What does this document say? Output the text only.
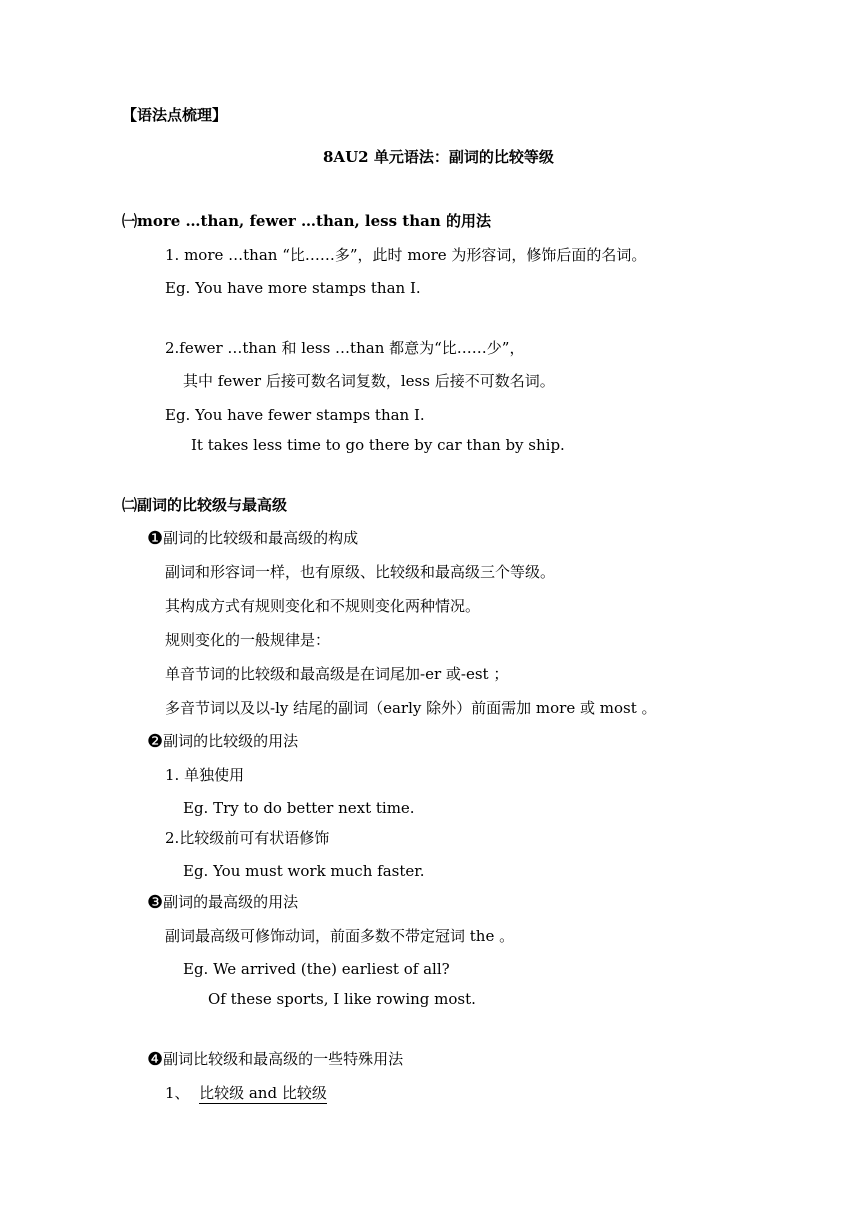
【语法点梳理】
8AU2 单元语法：副词的比较等级
㈠more …than, fewer …than, less than 的用法
1. more …than “比……多”，此时 more 为形容词，修饰后面的名词。
Eg. You have more stamps than I.
2.fewer …than 和 less …than 都意为“比……少”，
其中 fewer 后接可数名词复数，less 后接不可数名词。
Eg. You have fewer stamps than I.
It takes less time to go there by car than by ship.
㈡副词的比较级与最高级
❶副词的比较级和最高级的构成
副词和形容词一样，也有原级、比较级和最高级三个等级。
其构成方式有规则变化和不规则变化两种情况。
规则变化的一般规律是：
单音节词的比较级和最高级是在词尾加-er 或-est ；
多音节词以及以-ly 结尾的副词（early 除外）前面需加 more 或 most 。
❷副词的比较级的用法
1. 单独使用
Eg. Try to do better next time.
2.比较级前可有状语修饰
Eg. You must work much faster.
❸副词的最高级的用法
副词最高级可修饰动词，前面多数不带定冠词 the 。
Eg. We arrived (the) earliest of all?
Of these sports, I like rowing most.
❹副词比较级和最高级的一些特殊用法
1、 比较级 and 比较级
